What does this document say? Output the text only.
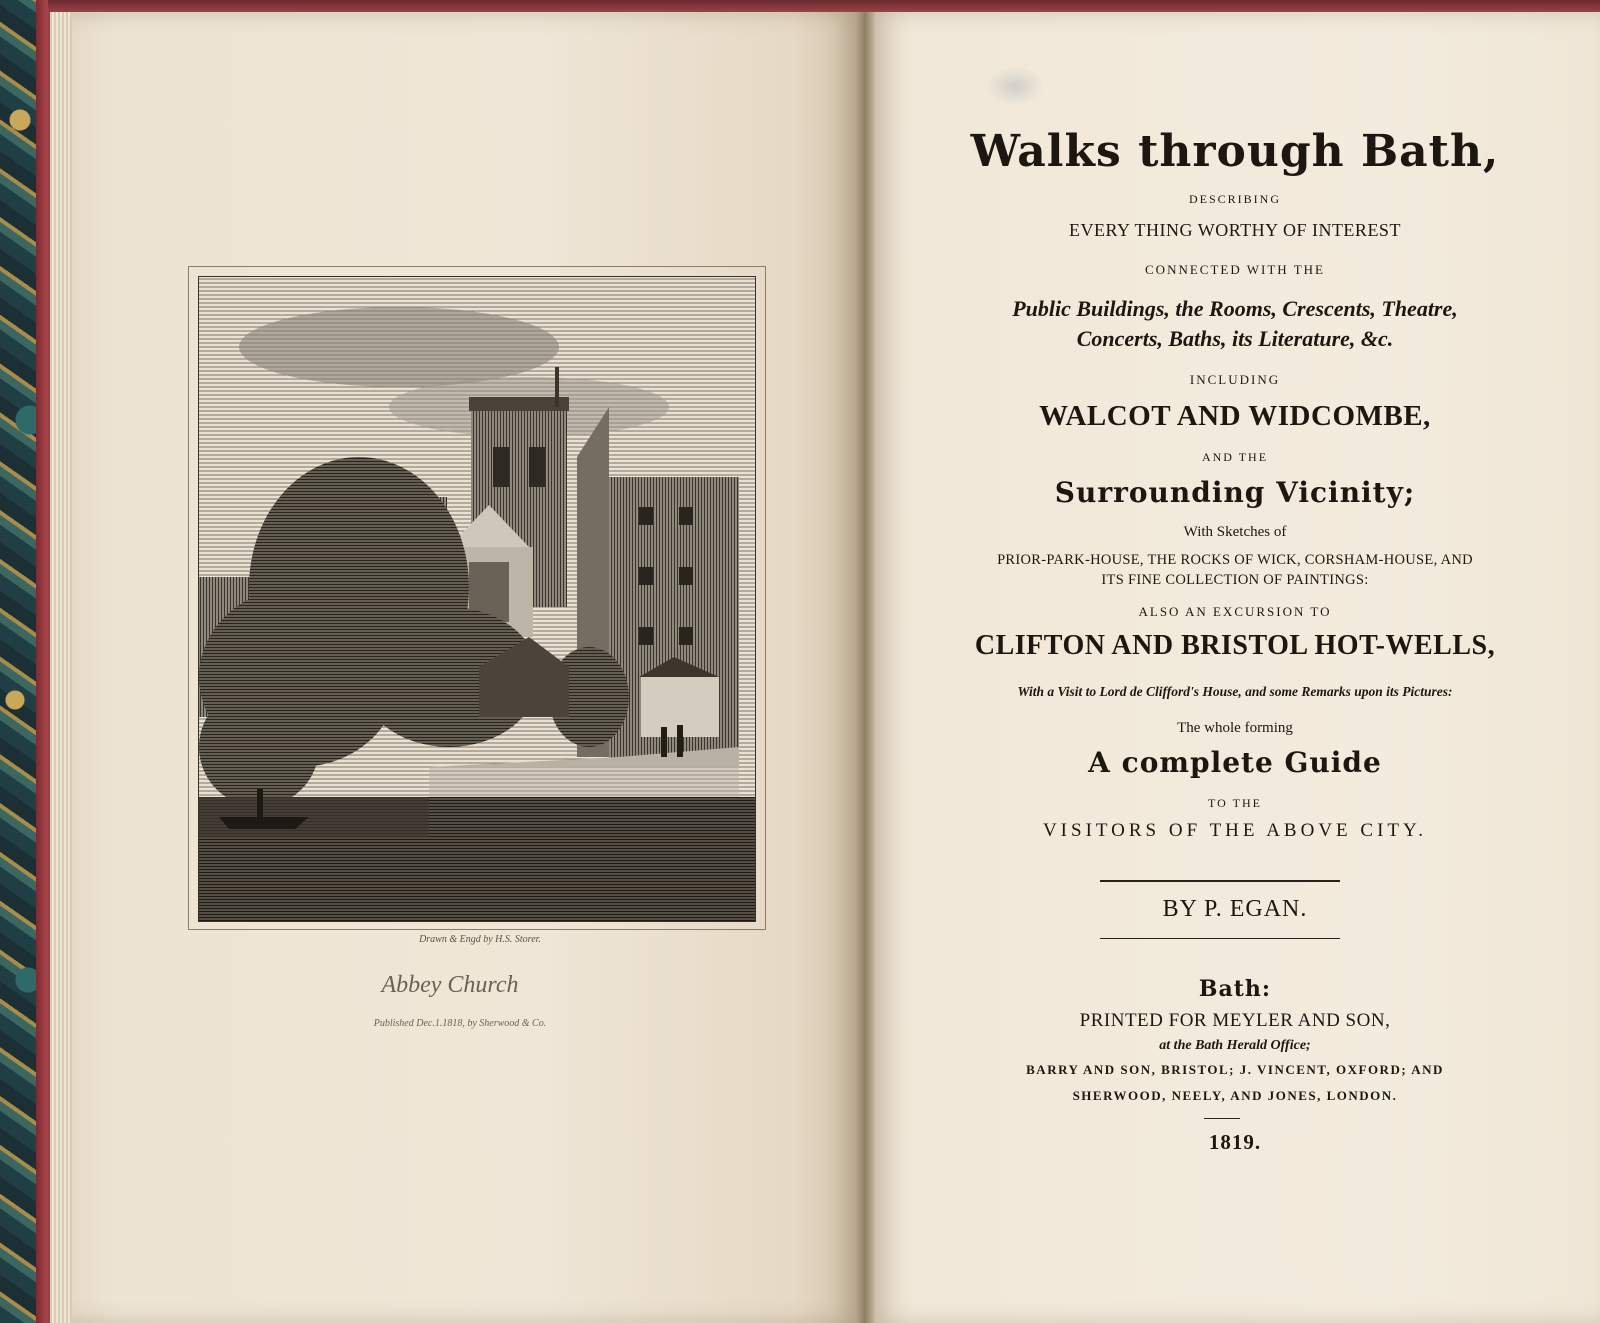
Drawn & Engd by H.S. Storer.
Abbey Church
Published Dec.1.1818, by Sherwood & Co.
Walks through Bath,
DESCRIBING
EVERY THING WORTHY OF INTEREST
CONNECTED WITH THE
Public Buildings, the Rooms, Crescents, Theatre,
Concerts, Baths, its Literature, &c.
INCLUDING
WALCOT AND WIDCOMBE,
AND THE
Surrounding Vicinity;
With Sketches of
PRIOR-PARK-HOUSE, THE ROCKS OF WICK, CORSHAM-HOUSE, AND
ITS FINE COLLECTION OF PAINTINGS:
ALSO AN EXCURSION TO
CLIFTON AND BRISTOL HOT-WELLS,
With a Visit to Lord de Clifford's House, and some Remarks upon its Pictures:
The whole forming
A complete Guide
TO THE
VISITORS OF THE ABOVE CITY.
BY P. EGAN.
Bath:
PRINTED FOR MEYLER AND SON,
at the Bath Herald Office;
BARRY AND SON, BRISTOL; J. VINCENT, OXFORD; AND
SHERWOOD, NEELY, AND JONES, LONDON.
1819.
